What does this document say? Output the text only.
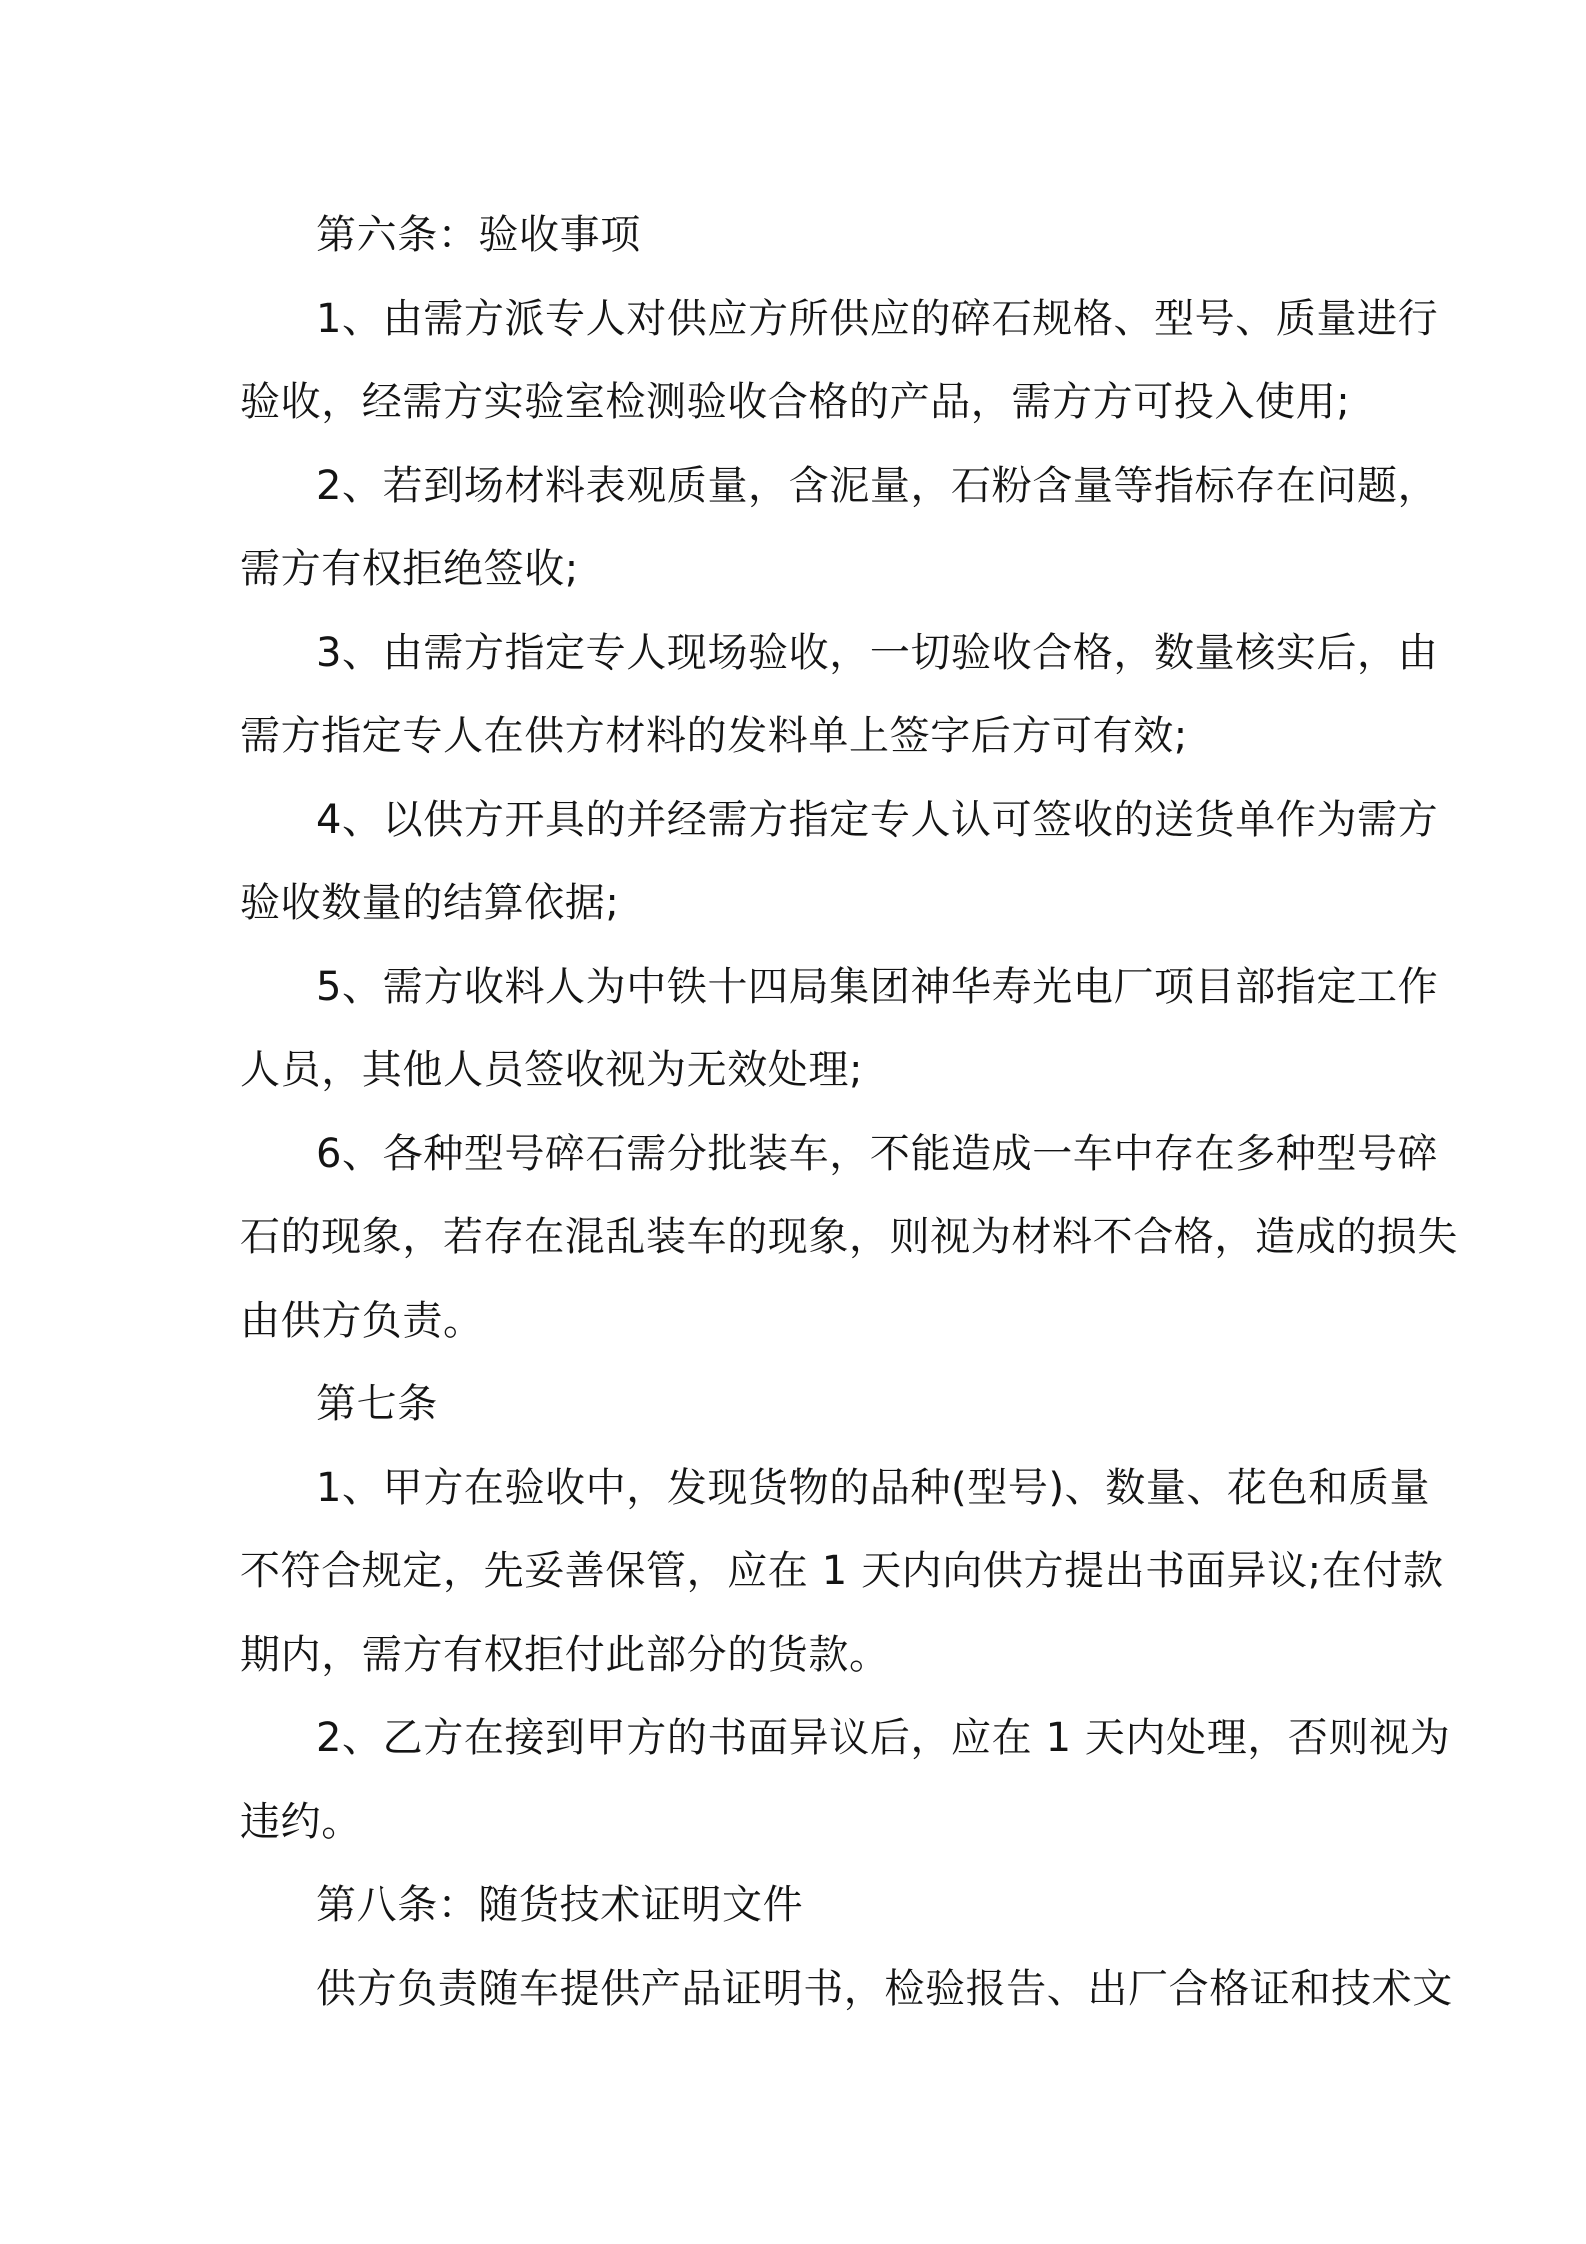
第六条：验收事项
1、由需方派专人对供应方所供应的碎石规格、型号、质量进行
验收，经需方实验室检测验收合格的产品，需方方可投入使用;
2、若到场材料表观质量，含泥量，石粉含量等指标存在问题，
需方有权拒绝签收;
3、由需方指定专人现场验收，一切验收合格，数量核实后，由
需方指定专人在供方材料的发料单上签字后方可有效;
4、以供方开具的并经需方指定专人认可签收的送货单作为需方
验收数量的结算依据;
5、需方收料人为中铁十四局集团神华寿光电厂项目部指定工作
人员，其他人员签收视为无效处理;
6、各种型号碎石需分批装车，不能造成一车中存在多种型号碎
石的现象，若存在混乱装车的现象，则视为材料不合格，造成的损失
由供方负责。
第七条
1、甲方在验收中，发现货物的品种(型号)、数量、花色和质量
不符合规定，先妥善保管，应在 1 天内向供方提出书面异议;在付款
期内，需方有权拒付此部分的货款。
2、乙方在接到甲方的书面异议后，应在 1 天内处理，否则视为
违约。
第八条：随货技术证明文件
供方负责随车提供产品证明书，检验报告、出厂合格证和技术文
